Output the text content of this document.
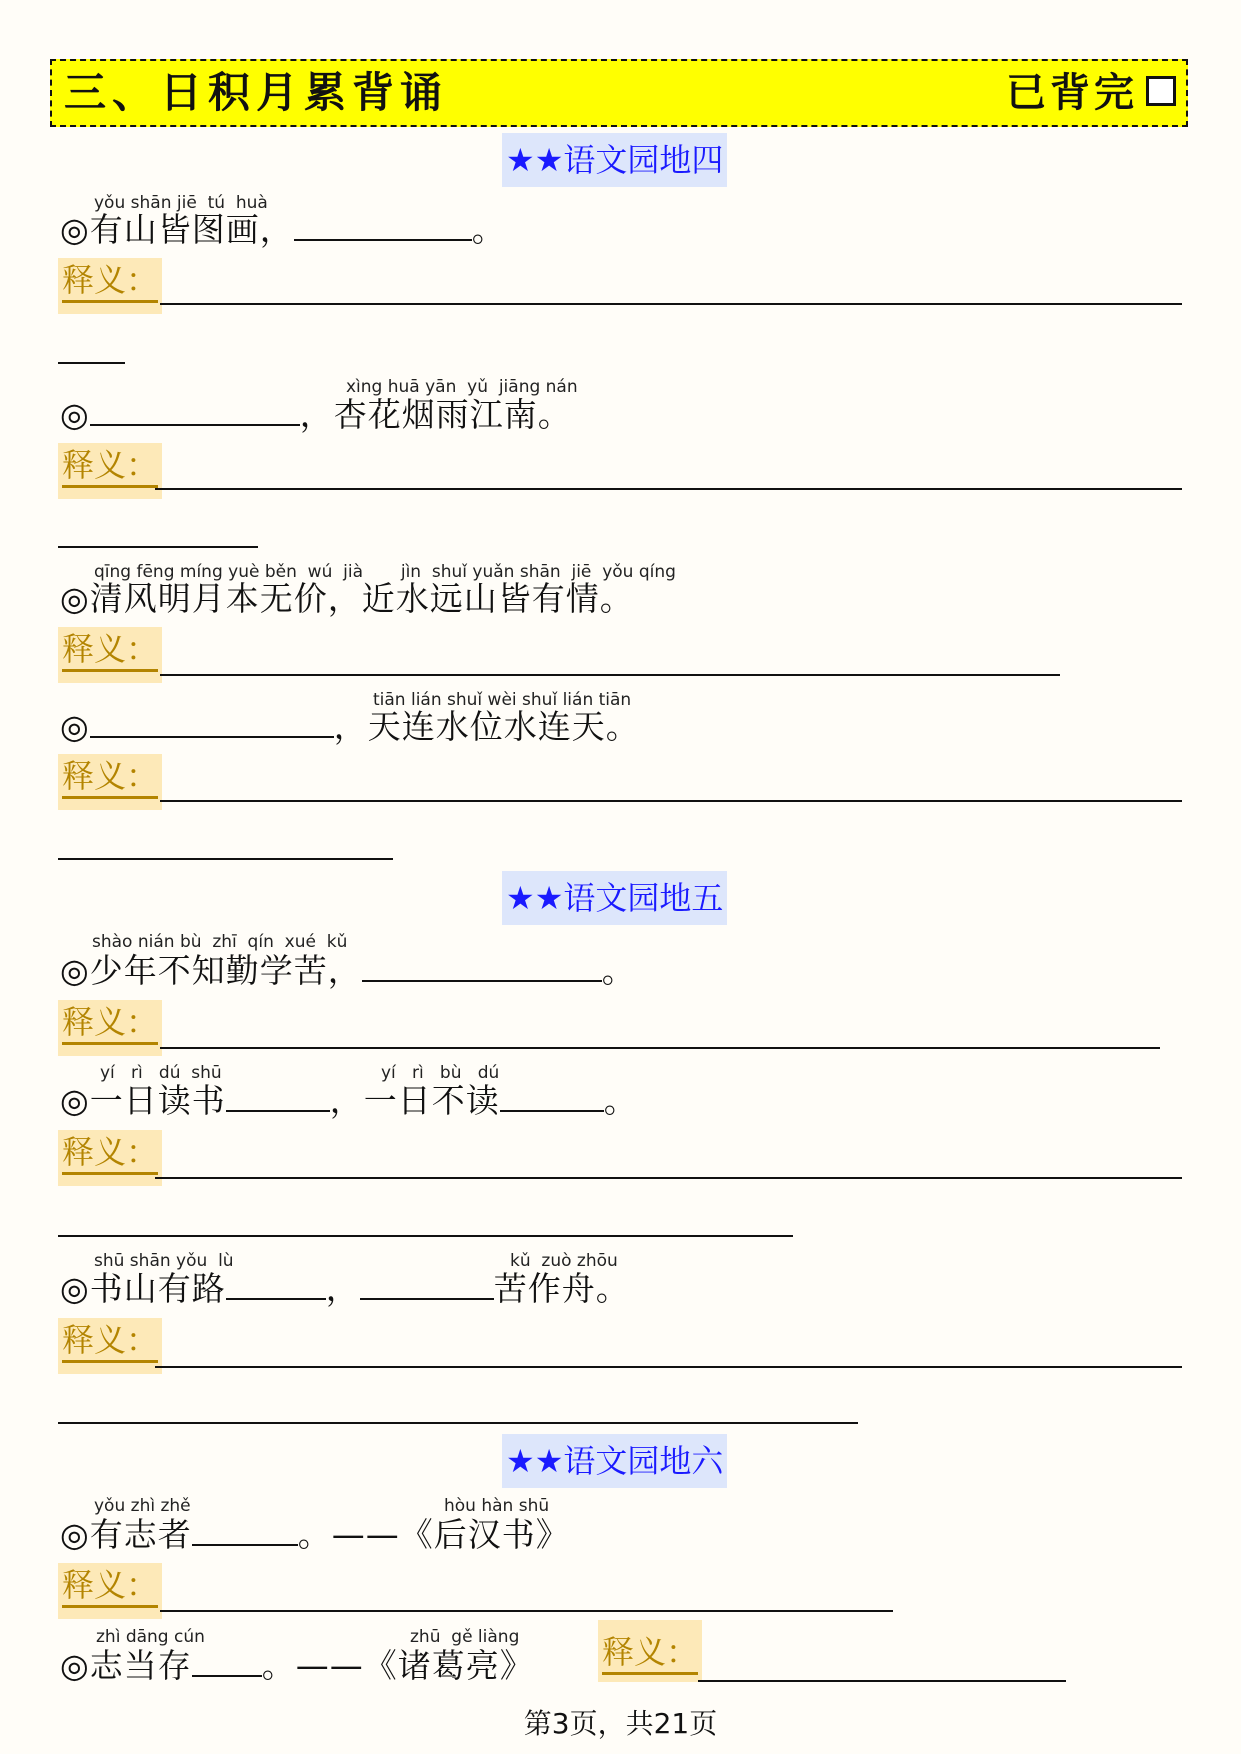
三、日积月累背诵	已背完
★★语文园地四
yǒu shān jiē  tú  huà
◎有山皆图画，	。
释义：
xìng huā yān  yǔ  jiāng nán
◎	，杏花烟雨江南。
释义：
qīng fēng míng yuè běn  wú  jià       jìn  shuǐ yuǎn shān  jiē  yǒu qíng
◎清风明月本无价，近水远山皆有情。
释义：
tiān lián shuǐ wèi shuǐ lián tiān
◎	，天连水位水连天。
释义：
★★语文园地五
shào nián bù  zhī  qín  xué  kǔ
◎少年不知勤学苦，	。
释义：
yí   rì   dú  shū	yí   rì   bù   dú
◎一日读书	，一日不读	。
释义：
shū shān yǒu  lù	kǔ  zuò zhōu
◎书山有路	，	苦作舟。
释义：
★★语文园地六
yǒu zhì zhě	hòu hàn shū
◎有志者	。——《后汉书》
释义：
zhì dāng cún	zhū  gě liàng
◎志当存 。——《诸葛亮》 释义：
第3页，共21页
